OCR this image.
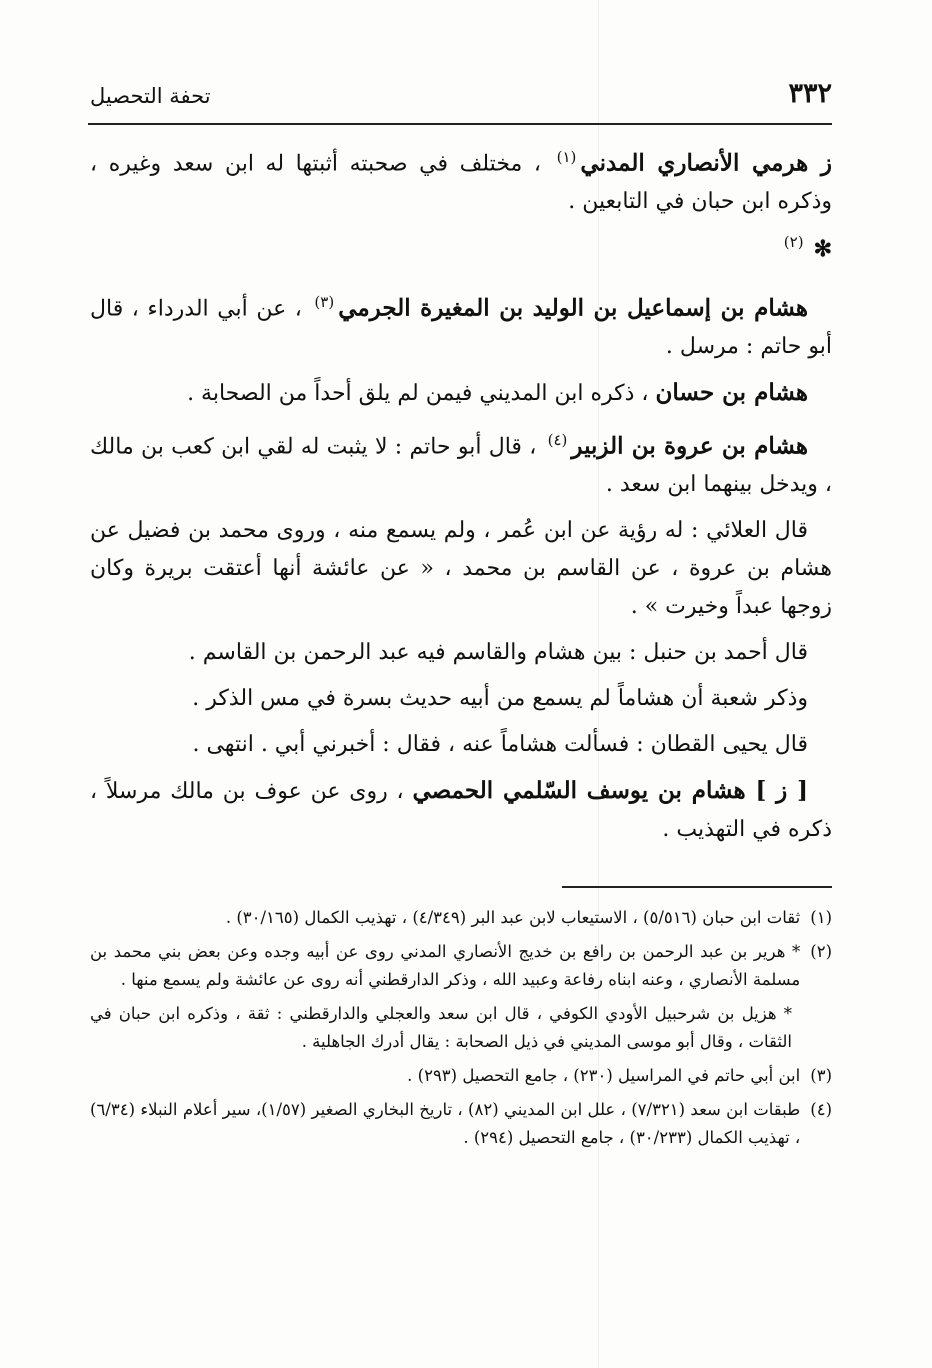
٣٣٢
تحفة التحصيل

ز هرمي الأنصاري المدني$^{(١)}$ ، مختلف في صحبته أثبتها له ابن سعد وغيره ، وذكره ابن حبان في التابعين .

✻$^{(٢)}$

هشام بن إسماعيل بن الوليد بن المغيرة الجرمي$^{(٣)}$ ، عن أبي الدرداء ، قال أبو حاتم : مرسل .

هشام بن حسان ، ذكره ابن المديني فيمن لم يلق أحداً من الصحابة .

هشام بن عروة بن الزبير$^{(٤)}$ ، قال أبو حاتم : لا يثبت له لقي ابن كعب بن مالك ، ويدخل بينهما ابن سعد .

قال العلائي : له رؤية عن ابن عُمر ، ولم يسمع منه ، وروى محمد بن فضيل عن هشام بن عروة ، عن القاسم بن محمد ، « عن عائشة أنها أعتقت بريرة وكان زوجها عبداً وخيرت » .

قال أحمد بن حنبل : بين هشام والقاسم فيه عبد الرحمن بن القاسم .

وذكر شعبة أن هشاماً لم يسمع من أبيه حديث بسرة في مس الذكر .

قال يحيى القطان : فسألت هشاماً عنه ، فقال : أخبرني أبي . انتهى .

[ ز ] هشام بن يوسف السّلمي الحمصي ، روى عن عوف بن مالك مرسلاً ، ذكره في التهذيب .

(١)
ثقات ابن حبان (٥/٥١٦) ، الاستيعاب لابن عبد البر (٤/٣٤٩) ، تهذيب الكمال (٣٠/١٦٥) .
(٢)
* هرير بن عبد الرحمن بن رافع بن خديج الأنصاري المدني روى عن أبيه وجده وعن بعض بني محمد بن مسلمة الأنصاري ، وعنه ابناه رفاعة وعبيد الله ، وذكر الدارقطني أنه روى عن عائشة ولم يسمع منها .

* هزيل بن شرحبيل الأودي الكوفي ، قال ابن سعد والعجلي والدارقطني : ثقة ، وذكره ابن حبان في الثقات ، وقال أبو موسى المديني في ذيل الصحابة : يقال أدرك الجاهلية .

(٣)
ابن أبي حاتم في المراسيل (٢٣٠) ، جامع التحصيل (٢٩٣) .
(٤)
طبقات ابن سعد (٧/٣٢١) ، علل ابن المديني (٨٢) ، تاريخ البخاري الصغير (١/٥٧)، سير أعلام النبلاء (٦/٣٤) ، تهذيب الكمال (٣٠/٢٣٣) ، جامع التحصيل (٢٩٤) .
